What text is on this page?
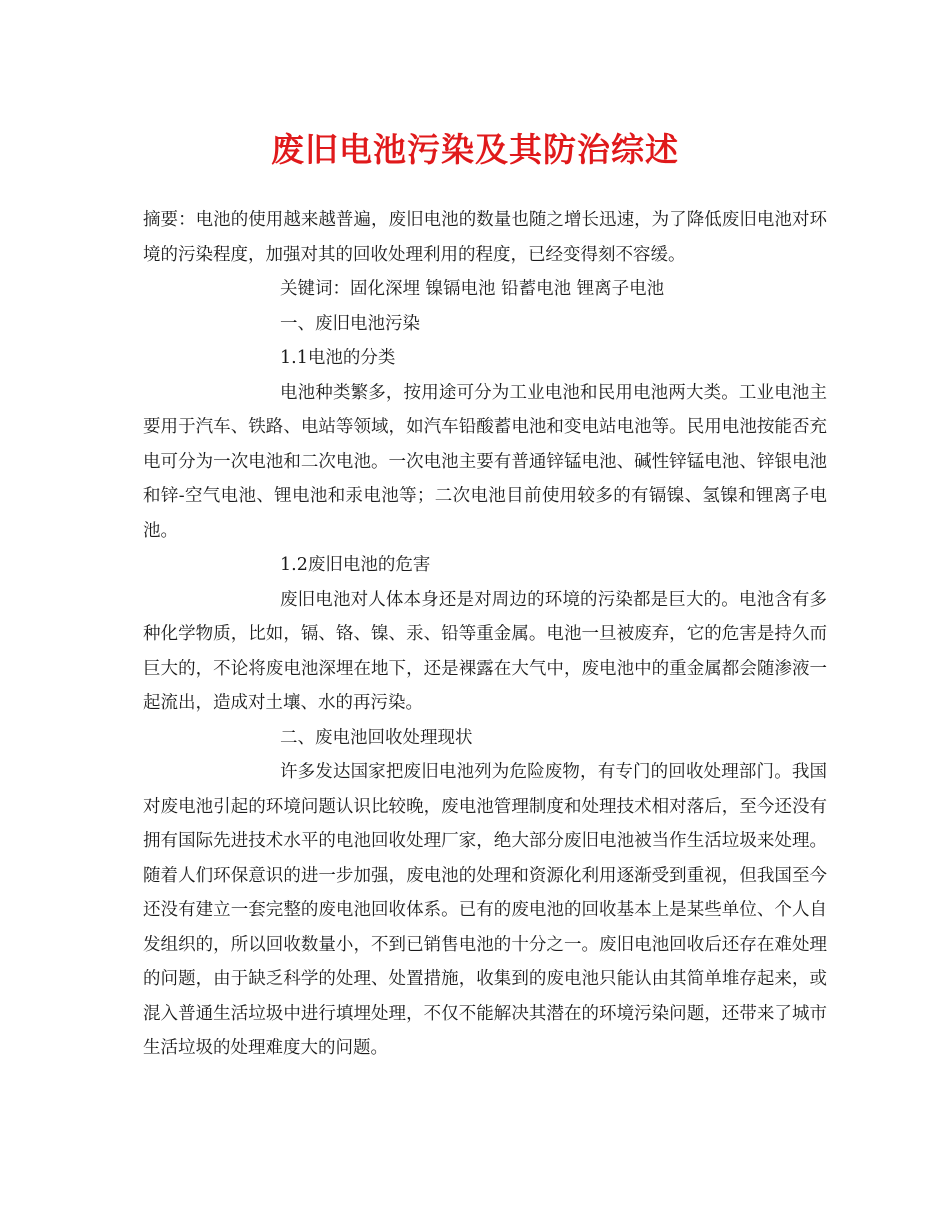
废旧电池污染及其防治综述

摘要：电池的使用越来越普遍，废旧电池的数量也随之增长迅速，为了降低废旧电池对环境的污染程度，加强对其的回收处理利用的程度，已经变得刻不容缓。

关键词：固化深埋 镍镉电池 铅蓄电池 锂离子电池

一、废旧电池污染

1.1电池的分类

电池种类繁多，按用途可分为工业电池和民用电池两大类。工业电池主要用于汽车、铁路、电站等领域，如汽车铅酸蓄电池和变电站电池等。民用电池按能否充电可分为一次电池和二次电池。一次电池主要有普通锌锰电池、碱性锌锰电池、锌银电池和锌-空气电池、锂电池和汞电池等；二次电池目前使用较多的有镉镍、氢镍和锂离子电池。

1.2废旧电池的危害

废旧电池对人体本身还是对周边的环境的污染都是巨大的。电池含有多种化学物质，比如，镉、铬、镍、汞、铅等重金属。电池一旦被废弃，它的危害是持久而巨大的，不论将废电池深埋在地下，还是裸露在大气中，废电池中的重金属都会随渗液一起流出，造成对土壤、水的再污染。

二、废电池回收处理现状

许多发达国家把废旧电池列为危险废物，有专门的回收处理部门。我国对废电池引起的环境问题认识比较晚，废电池管理制度和处理技术相对落后，至今还没有拥有国际先进技术水平的电池回收处理厂家，绝大部分废旧电池被当作生活垃圾来处理。随着人们环保意识的进一步加强，废电池的处理和资源化利用逐渐受到重视，但我国至今还没有建立一套完整的废电池回收体系。已有的废电池的回收基本上是某些单位、个人自发组织的，所以回收数量小，不到已销售电池的十分之一。废旧电池回收后还存在难处理的问题，由于缺乏科学的处理、处置措施，收集到的废电池只能认由其简单堆存起来，或混入普通生活垃圾中进行填埋处理，不仅不能解决其潜在的环境污染问题，还带来了城市生活垃圾的处理难度大的问题。
